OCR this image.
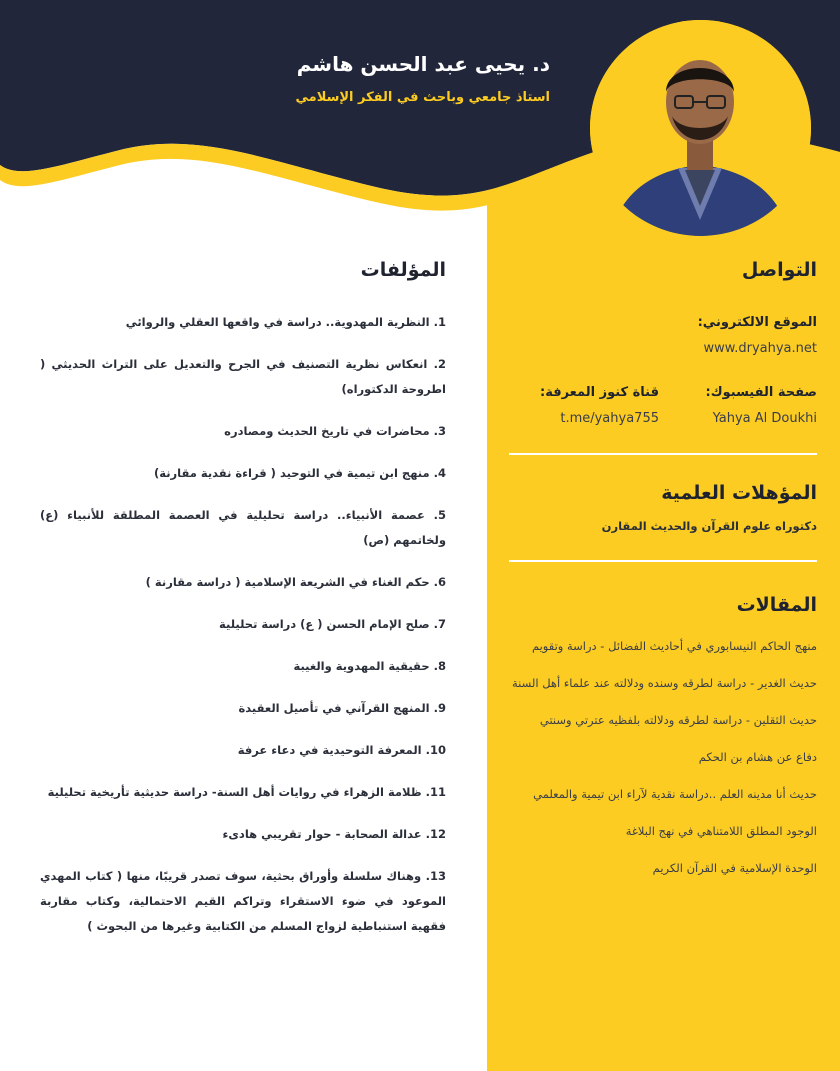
د. يحيى عبد الحسن هاشم
استاذ جامعي وباحث في الفكر الإسلامي
التواصل
الموقع الالكتروني:
www.dryahya.net
صفحة الفيسبوك:
Yahya Al Doukhi
قناة كنوز المعرفة:
t.me/yahya755
المؤهلات العلمية
دكتوراه علوم القرآن والحديث المقارن
المقالات
منهج الحاكم النيسابوري في أحاديث الفضائل - دراسة وتقويم
حديث الغدير - دراسة لطرقه وسنده ودلالته عند علماء أهل السنة
حديث الثقلين - دراسة لطرقه ودلالته بلفظيه عترتي وسنتي
دفاع عن هشام بن الحكم
حديث أنا مدينه العلم ..دراسة نقدية لآراء ابن تيمية والمعلمي
الوجود المطلق اللامتناهي في نهج البلاغة
الوحدة الإسلامية في القرآن الكريم
المؤلفات
1. النظرية المهدوية.. دراسة في واقعها العقلي والروائي
2. انعكاس نظرية التصنيف في الجرح والتعديل على التراث الحديثي ( اطروحة الدكتوراه)
3. محاضرات في تاريخ الحديث ومصادره
4. منهج ابن تيمية في التوحيد ( قراءة نقدية مقارنة)
5. عصمة الأنبياء.. دراسة تحليلية في العصمة المطلقة للأنبياء (ع) ولخاتمهم (ص)
6. حكم الغناء في الشريعة الإسلامية ( دراسة مقارنة )
7. صلح الإمام الحسن ( ع) دراسة تحليلية
8. حقيقية المهدوية والغيبة
9. المنهج القرآني في تأصيل العقيدة
10. المعرفة التوحيدية في دعاء عرفة
11. ظلامة الزهراء في روايات أهل السنة- دراسة حديثية تأريخية تحليلية
12. عدالة الصحابة - حوار تقريبي هادىء
13. وهناك سلسلة وأوراق بحثية، سوف تصدر قريبًا، منها ( كتاب المهدي الموعود في ضوء الاستقراء وتراكم القيم الاحتمالية، وكتاب مقاربة فقهية استنباطية لزواج المسلم من الكتابية وغيرها من البحوث )
